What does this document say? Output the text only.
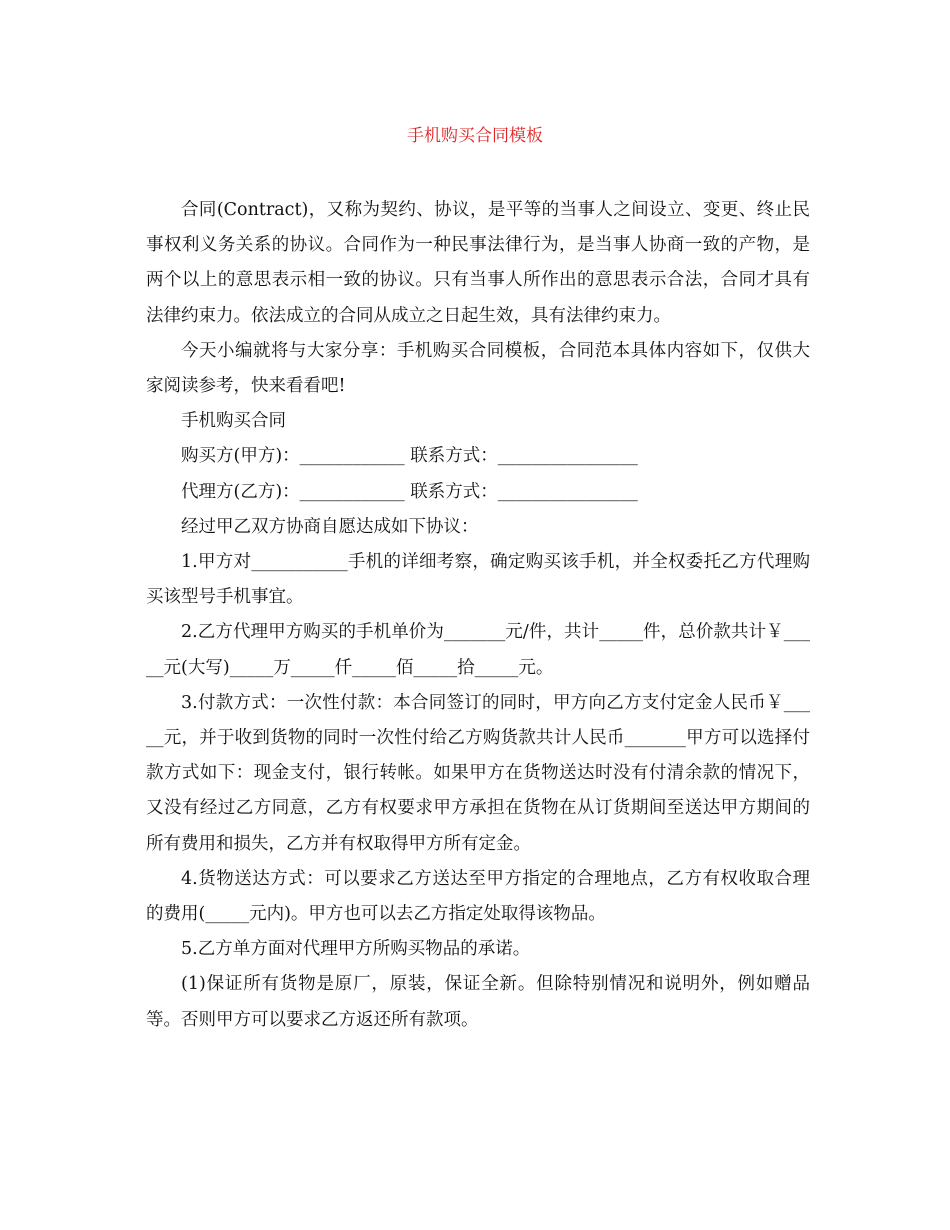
手机购买合同模板

合同(Contract)，又称为契约、协议，是平等的当事人之间设立、变更、终止民事权利义务关系的协议。合同作为一种民事法律行为，是当事人协商一致的产物，是两个以上的意思表示相一致的协议。只有当事人所作出的意思表示合法，合同才具有法律约束力。依法成立的合同从成立之日起生效，具有法律约束力。

今天小编就将与大家分享：手机购买合同模板，合同范本具体内容如下，仅供大家阅读参考，快来看看吧!

手机购买合同

购买方(甲方)：____________ 联系方式：________________

代理方(乙方)：____________ 联系方式：________________

经过甲乙双方协商自愿达成如下协议：

1.甲方对___________手机的详细考察，确定购买该手机，并全权委托乙方代理购买该型号手机事宜。

2.乙方代理甲方购买的手机单价为_______元/件，共计_____件，总价款共计￥_____元(大写)_____万_____仟_____佰_____拾_____元。

3.付款方式：一次性付款：本合同签订的同时，甲方向乙方支付定金人民币￥_____元，并于收到货物的同时一次性付给乙方购货款共计人民币_______甲方可以选择付款方式如下：现金支付，银行转帐。如果甲方在货物送达时没有付清余款的情况下，又没有经过乙方同意，乙方有权要求甲方承担在货物在从订货期间至送达甲方期间的所有费用和损失，乙方并有权取得甲方所有定金。

4.货物送达方式：可以要求乙方送达至甲方指定的合理地点，乙方有权收取合理的费用(_____元内)。甲方也可以去乙方指定处取得该物品。

5.乙方单方面对代理甲方所购买物品的承诺。

(1)保证所有货物是原厂，原装，保证全新。但除特别情况和说明外，例如赠品等。否则甲方可以要求乙方返还所有款项。
